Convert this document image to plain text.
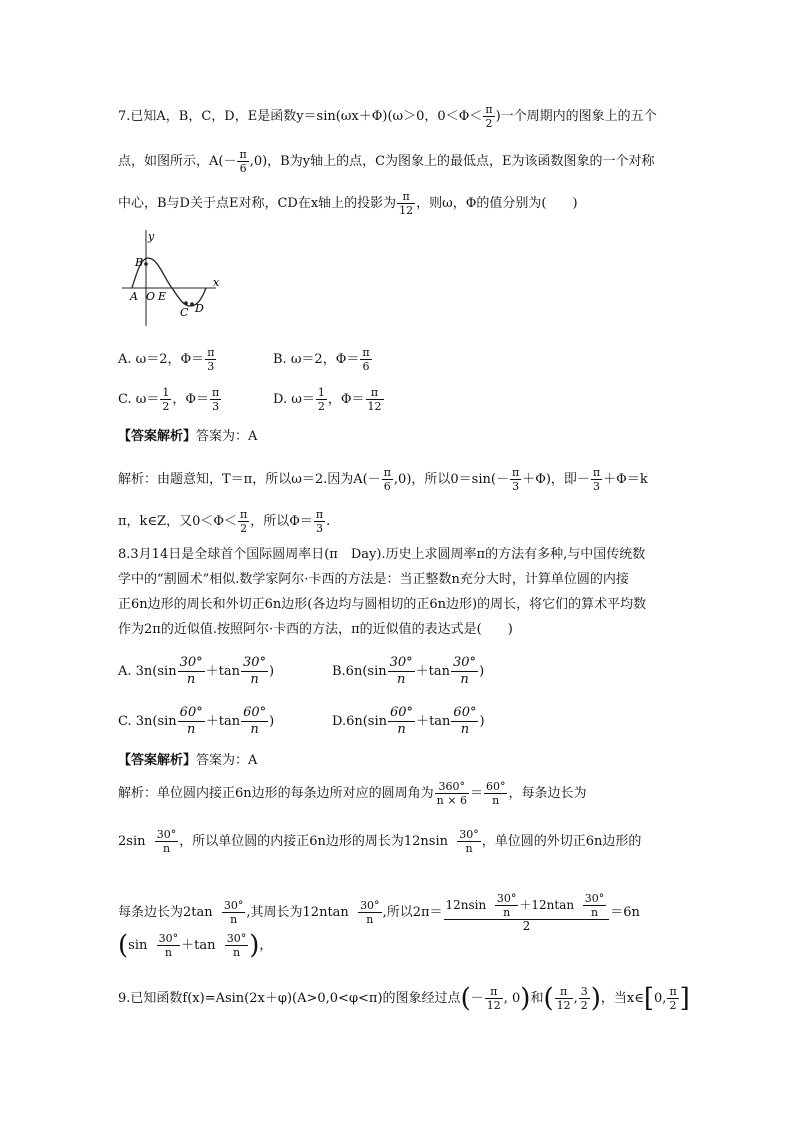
7.已知A，B，C，D，E是函数y＝sin(ωx＋Φ)(ω＞0，$0<\Phi< \frac{\pi}{2}$ )一个周期内的图象上的五个
点，如图所示，$A(- \frac{\pi}{6} ,0)$，B为y轴上的点，C为图象上的最低点，E为该函数图象的一个对称
中心，B与D关于点E对称，CD在x轴上的投影为 $\frac{\pi}{12}$ ，则ω，Φ的值分别为(　　)
y
x
A
B
O E
C D
A. ω＝2，$\Phi= \frac{\pi}{3}$	B. ω＝2，$\Phi= \frac{\pi}{6}$
C. $\omega= \frac{1}{2}$ ，$\Phi= \frac{\pi}{3}$	D. $\omega= \frac{1}{2}$ ，$\Phi= \frac{\pi}{12}$
【答案解析】答案为：A
解析：由题意知，T＝π，所以ω＝2.因为$A(- \frac{\pi}{6} ,0)$，所以$0=\sin(- \frac{\pi}{3} +\Phi)$，即－ $\frac{\pi}{3} +\Phi=k$
π，k∈Z，又$0<\Phi< \frac{\pi}{2}$ ，所以$\Phi= \frac{\pi}{3}$ .
8.3月14日是全球首个国际圆周率日(π　Day).历史上求圆周率π的方法有多种,与中国传统数
学中的“割圆术”相似.数学家阿尔·卡西的方法是：当正整数n充分大时，计算单位圆的内接
正6n边形的周长和外切正6n边形(各边均与圆相切的正6n边形)的周长，将它们的算术平均数
作为2π的近似值.按照阿尔·卡西的方法，π的近似值的表达式是(　　)
A. $3n(\sin \frac{30^\circ}{n} +\tan \frac{30^\circ}{n}$ )	$B.6n(\sin \frac{30^\circ}{n} +\tan \frac{30^\circ}{n}$ )
C. $3n(\sin \frac{60^\circ}{n} +\tan \frac{60^\circ}{n}$ )	$D.6n(\sin \frac{60^\circ}{n} +\tan \frac{60^\circ}{n}$ )
【答案解析】答案为：A
解析：单位圆内接正6n边形的每条边所对应的圆周角为 $\frac{360^\circ}{n \times 6} = \frac{60^\circ}{n}$ ，每条边长为
$2\sin \frac{30^\circ}{n}$ ，所以单位圆的内接正6n边形的周长为$12nsin \frac{30^\circ}{n}$ ，单位圆的外切正6n边形的
每条边长为$2\tan \frac{30^\circ}{n}$ ,其周长为$12ntan \frac{30^\circ}{n}$ ,所以$2\pi= \frac{12nsin \frac{30^\circ}{n} +12ntan \frac{30^\circ}{n}}{2} =6n$
($\sin \frac{30^\circ}{n} +\tan \frac{30^\circ}{n}$ )，
9.已知函数f(x)=Asin(2x＋φ)(A>0,0<φ<π)的图象经过点(－ $\frac{\pi}{12}$ , 0)和( $\frac{\pi}{12}$ , $\frac{3}{2}$ )，当x∈[0, $\frac{\pi}{2}$ ]
